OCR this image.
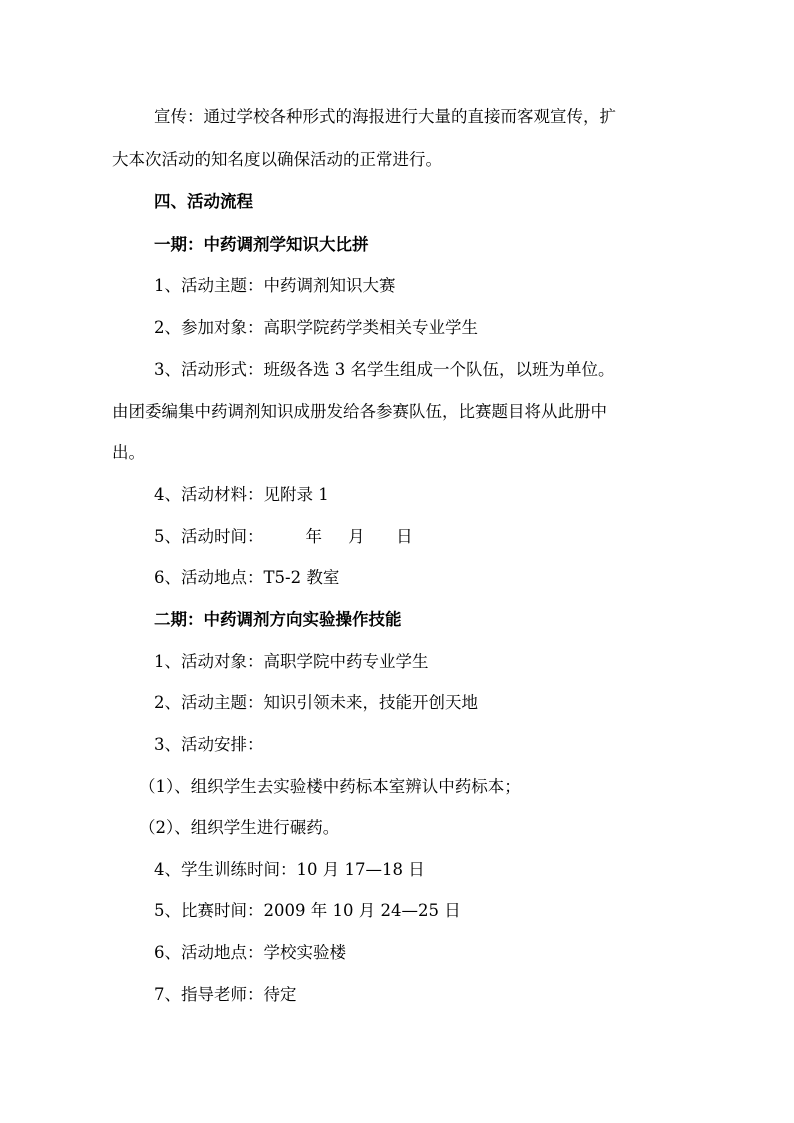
宣传：通过学校各种形式的海报进行大量的直接而客观宣传，扩
大本次活动的知名度以确保活动的正常进行。
四、活动流程
一期：中药调剂学知识大比拼
1、活动主题：中药调剂知识大赛
2、参加对象：高职学院药学类相关专业学生
3、活动形式：班级各选 3 名学生组成一个队伍，以班为单位。
由团委编集中药调剂知识成册发给各参赛队伍，比赛题目将从此册中
出。
4、活动材料：见附录 1
5、活动时间：        年     月      日
6、活动地点：T5-2 教室
二期：中药调剂方向实验操作技能
1、活动对象：高职学院中药专业学生
2、活动主题：知识引领未来，技能开创天地
3、活动安排：
（1）、组织学生去实验楼中药标本室辨认中药标本；
（2）、组织学生进行碾药。
4、学生训练时间：10 月 17—18 日
5、比赛时间：2009 年 10 月 24—25 日
6、活动地点：学校实验楼
7、指导老师：待定
